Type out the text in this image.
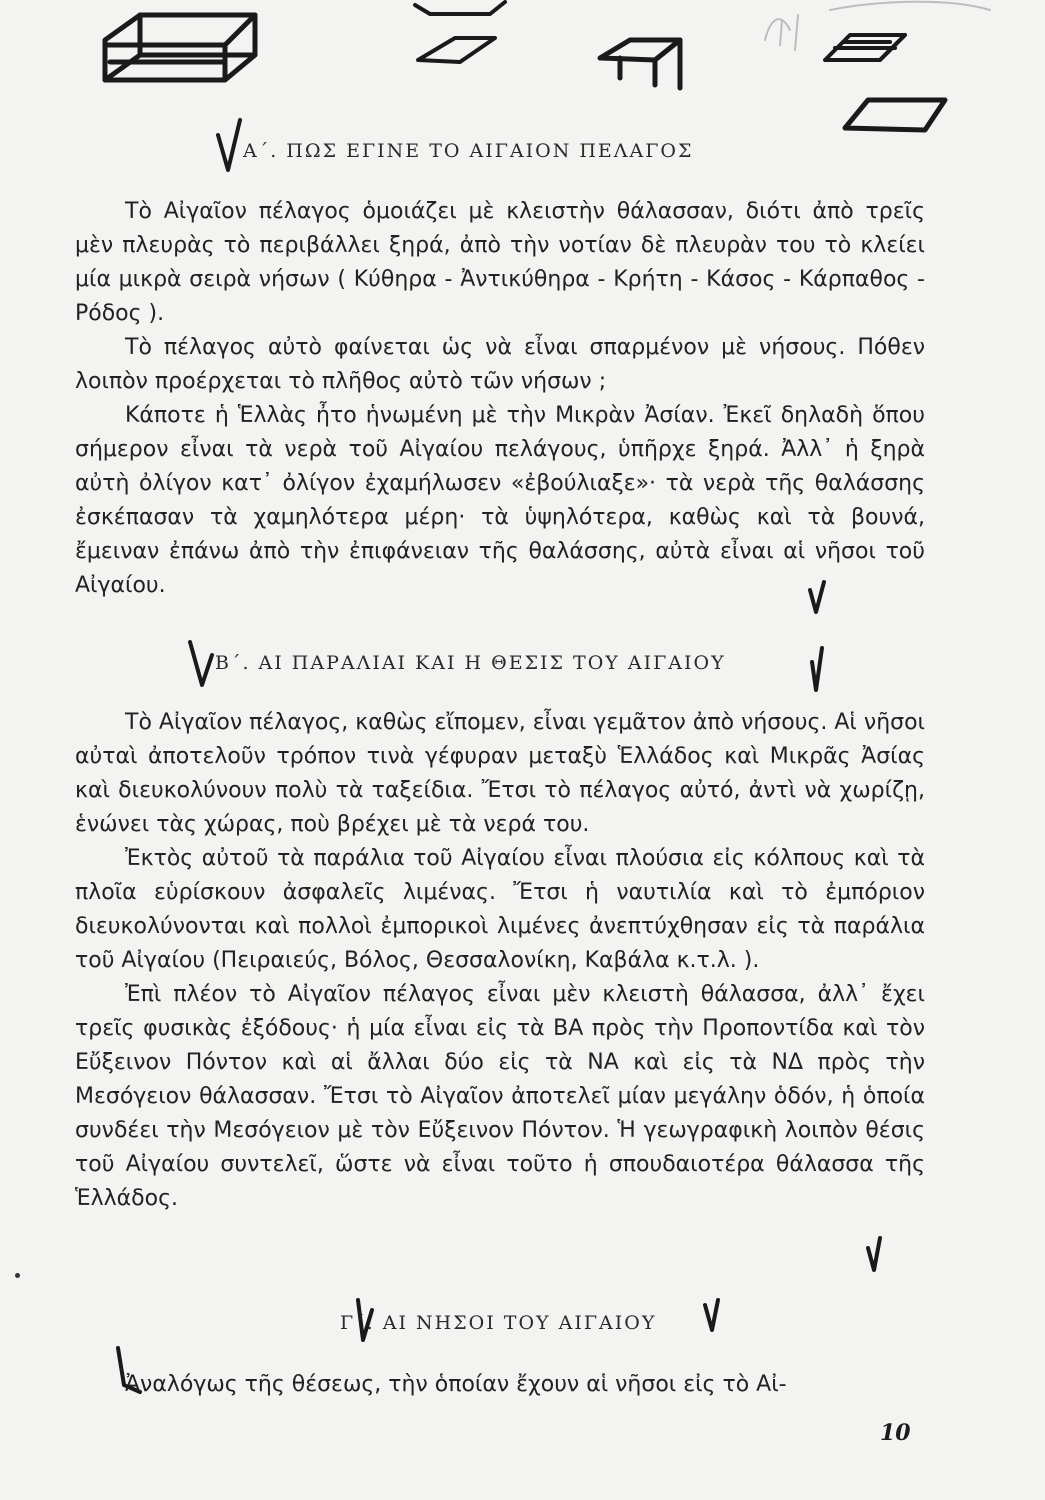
Α΄. ΠΩΣ ΕΓΙΝΕ ΤΟ ΑΙΓΑΙΟΝ ΠΕΛΑΓΟΣ

Τὸ Αἰγαῖον πέλαγος ὁμοιάζει μὲ κλειστὴν θάλασσαν, διότι ἀπὸ τρεῖς μὲν πλευρὰς τὸ περιβάλλει ξηρά, ἀπὸ τὴν νοτίαν δὲ πλευρὰν του τὸ κλείει μία μικρὰ σειρὰ νήσων ( Κύθηρα - Ἀντικύθηρα - Κρήτη - Κάσος - Κάρπαθος - Ρόδος ).

Τὸ πέλαγος αὐτὸ φαίνεται ὡς νὰ εἶναι σπαρμένον μὲ νήσους. Πόθεν λοιπὸν προέρχεται τὸ πλῆθος αὐτὸ τῶν νήσων ;

Κάποτε ἡ Ἑλλὰς ἦτο ἡνωμένη μὲ τὴν Μικρὰν Ἀσίαν. Ἐκεῖ δηλαδὴ ὅπου σήμερον εἶναι τὰ νερὰ τοῦ Αἰγαίου πελάγους, ὑπῆρχε ξηρά. Ἀλλ᾽ ἡ ξηρὰ αὐτὴ ὀλίγον κατ᾽ ὀλίγον ἐχαμήλωσεν «ἐβούλιαξε»· τὰ νερὰ τῆς θαλάσσης ἐσκέπασαν τὰ χαμηλότερα μέρη· τὰ ὑψηλότερα, καθὼς καὶ τὰ βουνά, ἔμειναν ἐπάνω ἀπὸ τὴν ἐπιφάνειαν τῆς θαλάσσης, αὐτὰ εἶναι αἱ νῆσοι τοῦ Αἰγαίου.

Β΄. ΑΙ ΠΑΡΑΛΙΑΙ ΚΑΙ Η ΘΕΣΙΣ ΤΟΥ ΑΙΓΑΙΟΥ

Τὸ Αἰγαῖον πέλαγος, καθὼς εἴπομεν, εἶναι γεμᾶτον ἀπὸ νήσους. Αἱ νῆσοι αὐταὶ ἀποτελοῦν τρόπον τινὰ γέφυραν μεταξὺ Ἑλλάδος καὶ Μικρᾶς Ἀσίας καὶ διευκολύνουν πολὺ τὰ ταξείδια. Ἔτσι τὸ πέλαγος αὐτό, ἀντὶ νὰ χωρίζῃ, ἑνώνει τὰς χώρας, ποὺ βρέχει μὲ τὰ νερά του.

Ἐκτὸς αὐτοῦ τὰ παράλια τοῦ Αἰγαίου εἶναι πλούσια εἰς κόλπους καὶ τὰ πλοῖα εὑρίσκουν ἀσφαλεῖς λιμένας. Ἔτσι ἡ ναυτιλία καὶ τὸ ἐμπόριον διευκολύνονται καὶ πολλοὶ ἐμπορικοὶ λιμένες ἀνεπτύχθησαν εἰς τὰ παράλια τοῦ Αἰγαίου (Πειραιεύς, Βόλος, Θεσσαλονίκη, Καβάλα κ.τ.λ. ).

Ἐπὶ πλέον τὸ Αἰγαῖον πέλαγος εἶναι μὲν κλειστὴ θάλασσα, ἀλλ᾽ ἔχει τρεῖς φυσικὰς ἐξόδους· ἡ μία εἶναι εἰς τὰ ΒΑ πρὸς τὴν Προποντίδα καὶ τὸν Εὔξεινον Πόντον καὶ αἱ ἄλλαι δύο εἰς τὰ ΝΑ καὶ εἰς τὰ ΝΔ πρὸς τὴν Μεσόγειον θάλασσαν. Ἔτσι τὸ Αἰγαῖον ἀποτελεῖ μίαν μεγάλην ὁδόν, ἡ ὁποία συνδέει τὴν Μεσόγειον μὲ τὸν Εὔξεινον Πόντον. Ἡ γεωγραφικὴ λοιπὸν θέσις τοῦ Αἰγαίου συντελεῖ, ὥστε νὰ εἶναι τοῦτο ἡ σπουδαιοτέρα θάλασσα τῆς Ἑλλάδος.

Γ΄. ΑΙ ΝΗΣΟΙ ΤΟΥ ΑΙΓΑΙΟΥ

Ἀναλόγως τῆς θέσεως, τὴν ὁποίαν ἔχουν αἱ νῆσοι εἰς τὸ Αἰ-

10
